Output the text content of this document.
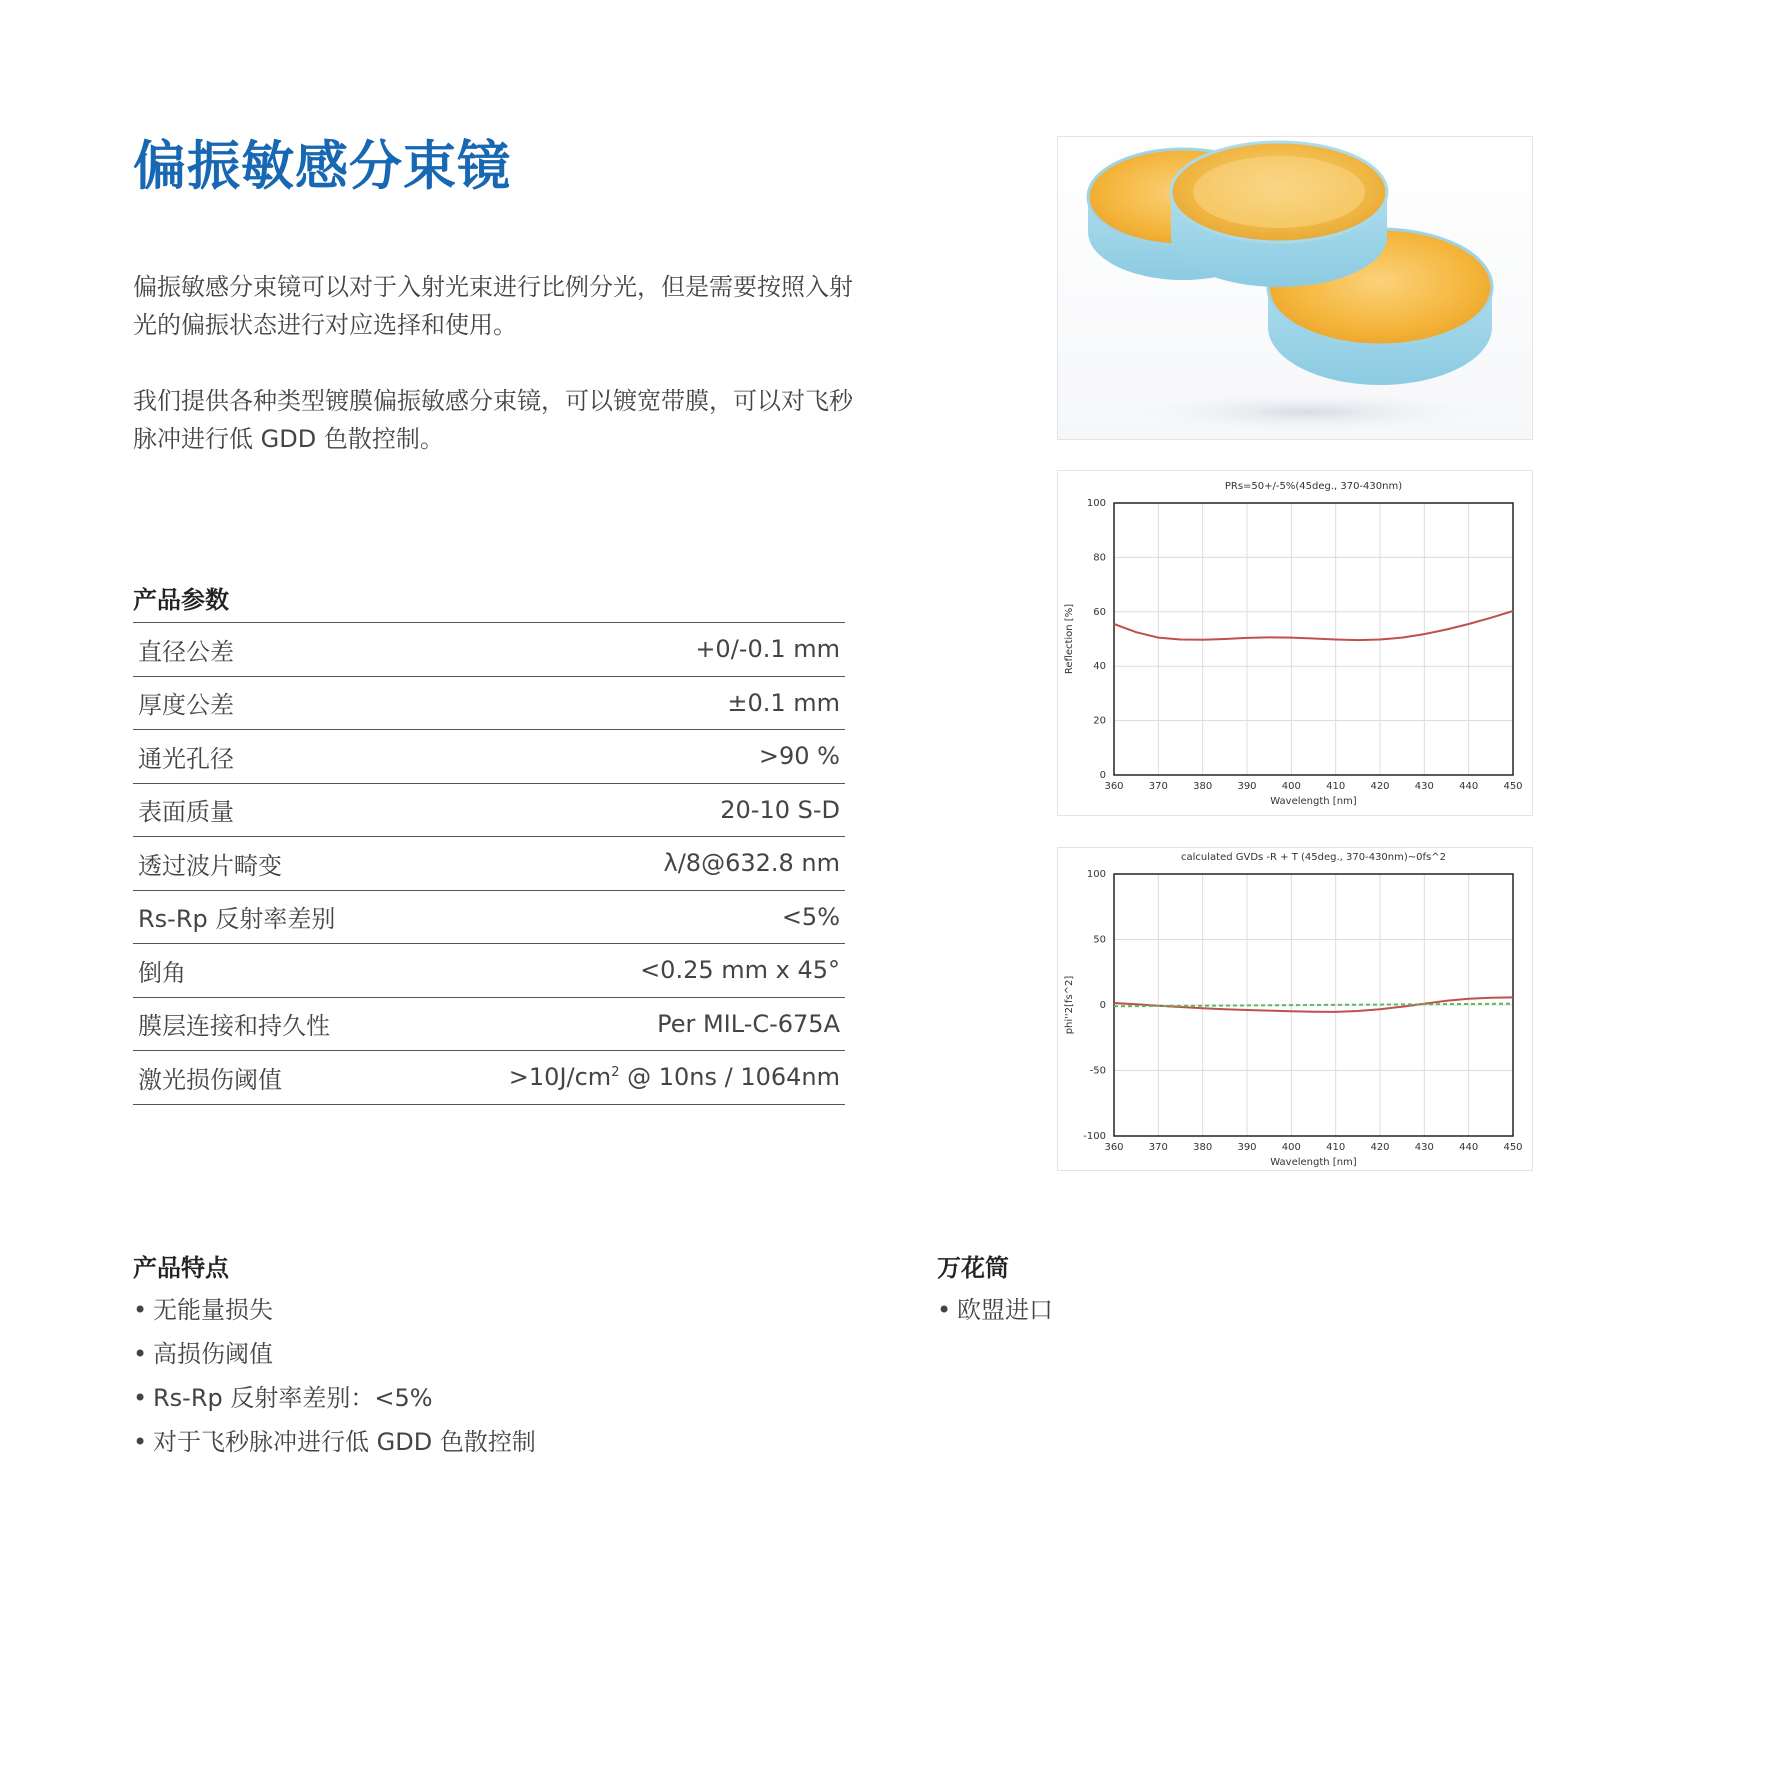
偏振敏感分束镜

偏振敏感分束镜可以对于入射光束进行比例分光，但是需要按照入射光的偏振状态进行对应选择和使用。

我们提供各种类型镀膜偏振敏感分束镜，可以镀宽带膜，可以对飞秒脉冲进行低 GDD 色散控制。

产品参数
直径公差	+0/-0.1 mm
厚度公差	±0.1 mm
通光孔径	>90 %
表面质量	20-10 S-D
透过波片畸变	λ/8@632.8 nm
Rs-Rp 反射率差别	<5%
倒角	<0.25 mm x 45°
膜层连接和持久性	Per MIL-C-675A
激光损伤阈值	$>10J/cm^2$ @ 10ns / 1064nm
产品特点
• 无能量损失
• 高损伤阈值
• Rs-Rp 反射率差别：<5%
• 对于飞秒脉冲进行低 GDD 色散控制
万花筒
• 欧盟进口
PRs=50+/-5%(45deg., 370-430nm)
360	370	380	390	400	410	420	430	440	450
0
20
40
60
80
100
Wavelength [nm]
Reflection [%]
calculated GVDs -R + T (45deg., 370-430nm)~0fs^2
360	370	380	390	400	410	420	430	440	450
-100
-50
0
50
100
Wavelength [nm]
phi''2[fs^2]
